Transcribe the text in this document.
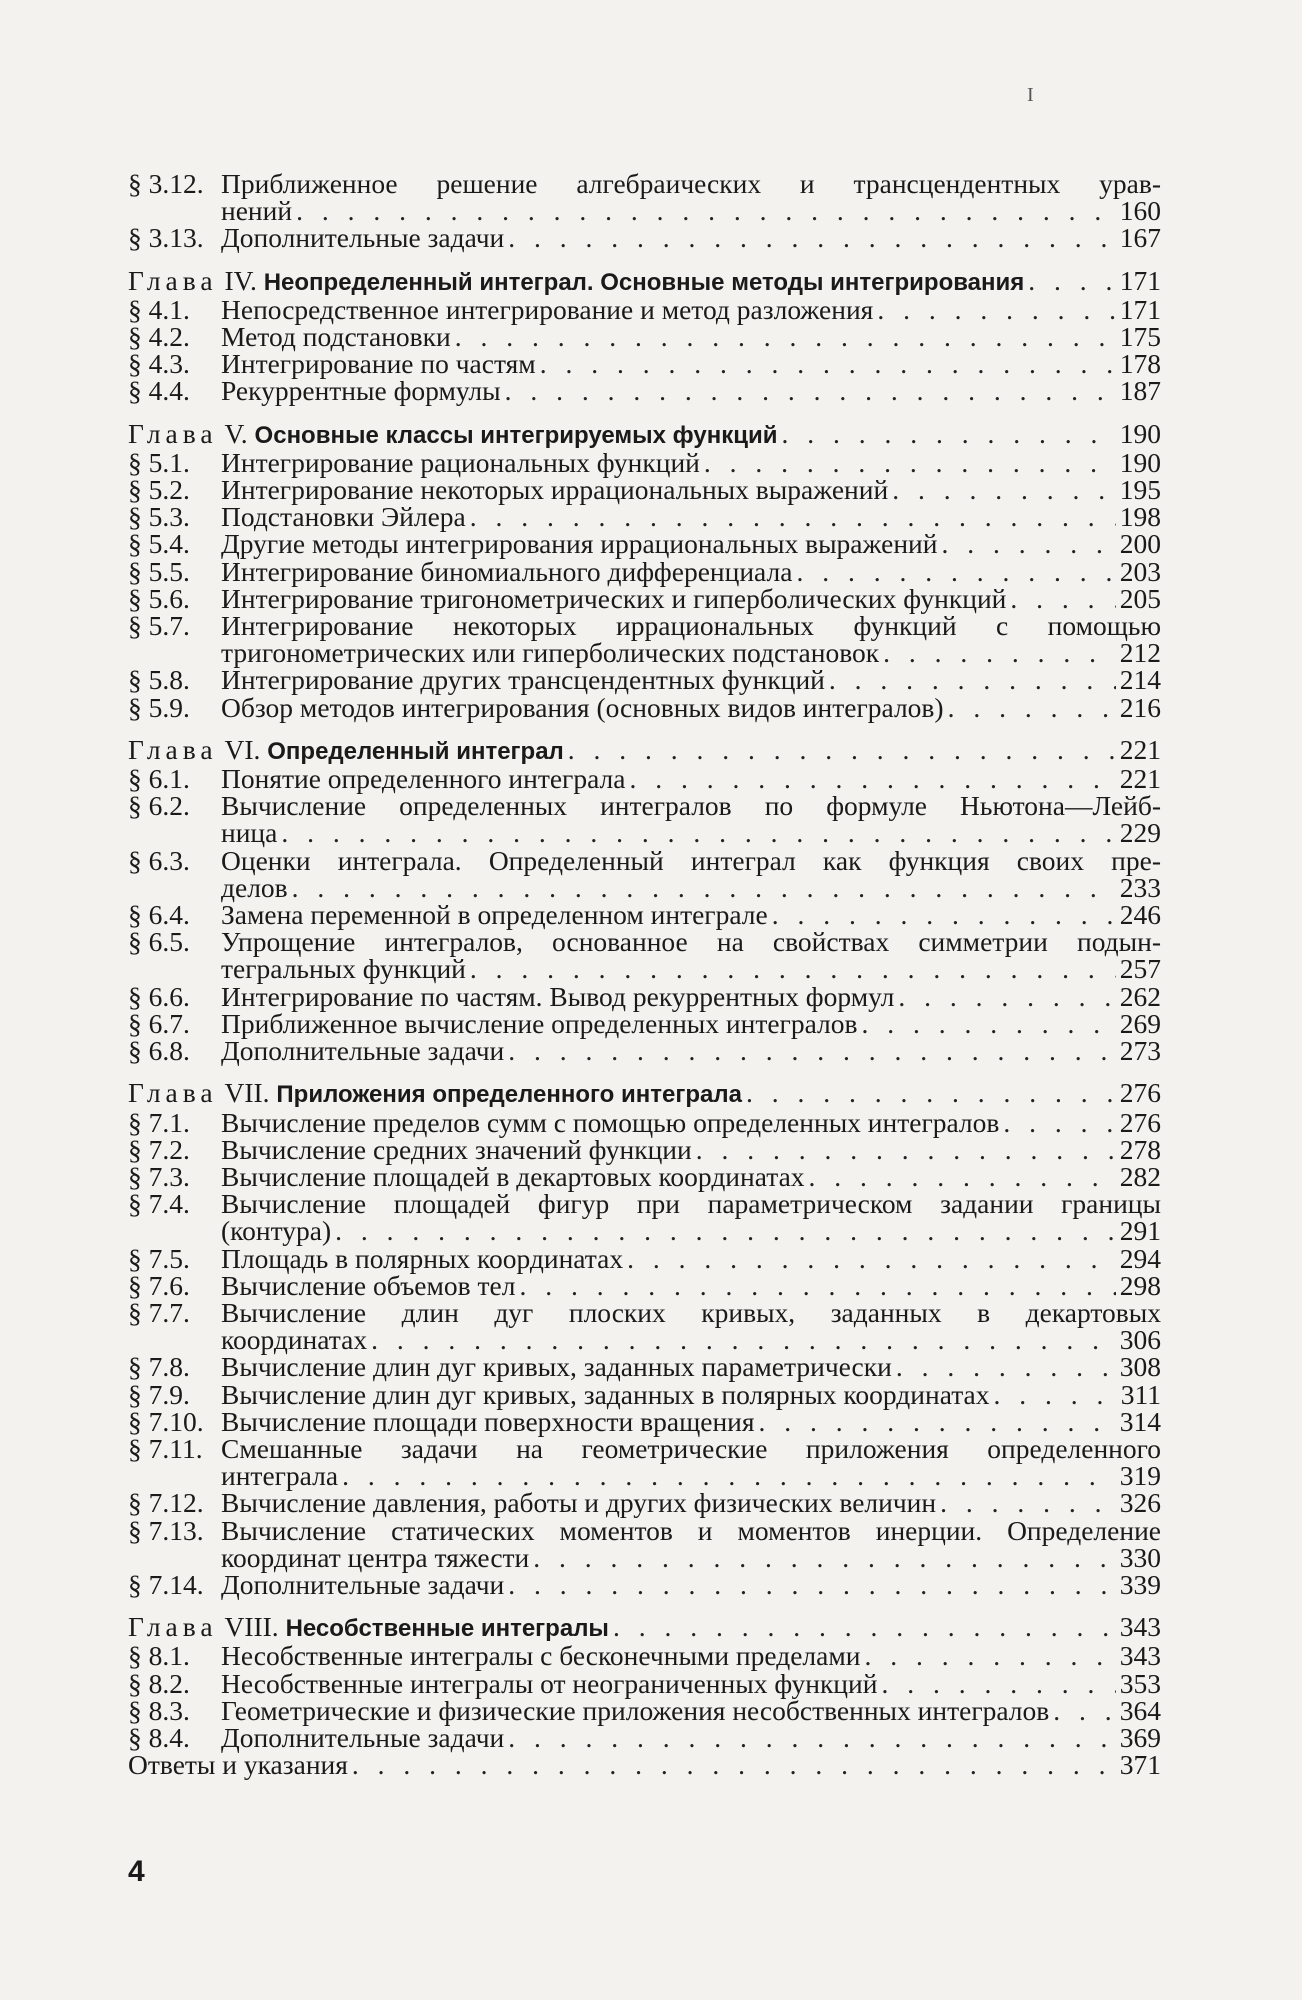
I
§ 3.12. Приближенное решение алгебраических и трансцендентных урав-
нений . . .	160
§ 3.13. Дополнительные задачи . . .	167
Глава IV. Неопределенный интеграл. Основные методы интегрирования . . .	171
§ 4.1.	Непосредственное интегрирование и метод разложения . . .	171
§ 4.2.	Метод подстановки . . .	175
§ 4.3.	Интегрирование по частям . . .	178
§ 4.4.	Рекуррентные формулы . . .	187
Глава V. Основные классы интегрируемых функций . . .	190
§ 5.1.	Интегрирование рациональных функций . . .	190
§ 5.2.	Интегрирование некоторых иррациональных выражений . . .	195
§ 5.3.	Подстановки Эйлера . . .	198
§ 5.4.	Другие методы интегрирования иррациональных выражений . . .	200
§ 5.5.	Интегрирование биномиального дифференциала . . .	203
§ 5.6.	Интегрирование тригонометрических и гиперболических функций . . .	205
§ 5.7.	Интегрирование некоторых иррациональных функций с помощью
тригонометрических или гиперболических подстановок . . .	212
§ 5.8.	Интегрирование других трансцендентных функций . . .	214
§ 5.9.	Обзор методов интегрирования (основных видов интегралов) . . .	216
Глава VI. Определенный интеграл . . .	221
§ 6.1.	Понятие определенного интеграла . . .	221
§ 6.2.	Вычисление определенных интегралов по формуле Ньютона—Лейб-
ница . . .	229
§ 6.3.	Оценки интеграла. Определенный интеграл как функция своих пре-
делов . . .	233
§ 6.4.	Замена переменной в определенном интеграле . . .	246
§ 6.5.	Упрощение интегралов, основанное на свойствах симметрии подын-
тегральных функций . . .	257
§ 6.6.	Интегрирование по частям. Вывод рекуррентных формул . . .	262
§ 6.7.	Приближенное вычисление определенных интегралов . . .	269
§ 6.8.	Дополнительные задачи . . .	273
Глава VII. Приложения определенного интеграла . . .	276
§ 7.1.	Вычисление пределов сумм с помощью определенных интегралов . . .	276
§ 7.2.	Вычисление средних значений функции . . .	278
§ 7.3.	Вычисление площадей в декартовых координатах . . .	282
§ 7.4.	Вычисление площадей фигур при параметрическом задании границы
(контура) . . .	291
§ 7.5.	Площадь в полярных координатах . . .	294
§ 7.6.	Вычисление объемов тел . . .	298
§ 7.7.	Вычисление длин дуг плоских кривых, заданных в декартовых
координатах . . .	306
§ 7.8.	Вычисление длин дуг кривых, заданных параметрически . . .	308
§ 7.9.	Вычисление длин дуг кривых, заданных в полярных координатах . . .	311
§ 7.10. Вычисление площади поверхности вращения . . .	314
§ 7.11. Смешанные задачи на геометрические приложения определенного
интеграла . . .	319
§ 7.12. Вычисление давления, работы и других физических величин . . .	326
§ 7.13. Вычисление статических моментов и моментов инерции. Определение
координат центра тяжести . . .	330
§ 7.14. Дополнительные задачи . . .	339
Глава VIII. Несобственные интегралы . . .	343
§ 8.1.	Несобственные интегралы с бесконечными пределами . . .	343
§ 8.2.	Несобственные интегралы от неограниченных функций . . .	353
§ 8.3.	Геометрические и физические приложения несобственных интегралов . . .	364
§ 8.4.	Дополнительные задачи . . .	369
Ответы и указания . . .	371
4
